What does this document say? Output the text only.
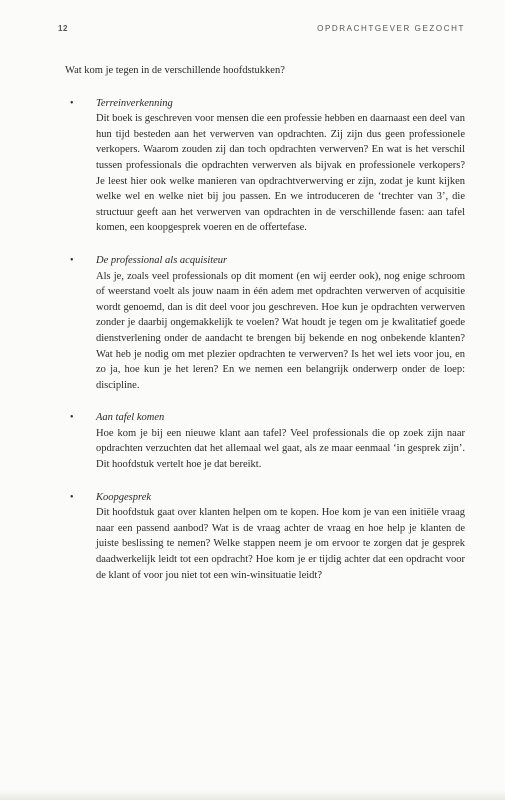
12	OPDRACHTGEVER GEZOCHT

Wat kom je tegen in de verschillende hoofdstukken?

• Terreinverkenning

Dit boek is geschreven voor mensen die een professie hebben en daarnaast een deel van hun tijd besteden aan het verwerven van opdrachten. Zij zijn dus geen professionele verkopers. Waarom zouden zij dan toch opdrachten verwerven? En wat is het verschil tussen professionals die opdrachten verwerven als bijvak en professionele verkopers? Je leest hier ook welke manieren van opdrachtverwerving er zijn, zodat je kunt kijken welke wel en welke niet bij jou passen. En we introduceren de ‘trechter van 3’, die structuur geeft aan het verwerven van opdrachten in de verschillende fasen: aan tafel komen, een koopgesprek voeren en de offertefase.

• De professional als acquisiteur

Als je, zoals veel professionals op dit moment (en wij eerder ook), nog enige schroom of weerstand voelt als jouw naam in één adem met opdrachten verwerven of acquisitie wordt genoemd, dan is dit deel voor jou geschreven. Hoe kun je opdrachten verwerven zonder je daarbij ongemakkelijk te voelen? Wat houdt je tegen om je kwalitatief goede dienstverlening onder de aandacht te brengen bij bekende en nog onbekende klanten? Wat heb je nodig om met plezier opdrachten te verwerven? Is het wel iets voor jou, en zo ja, hoe kun je het leren? En we nemen een belangrijk onderwerp onder de loep: discipline.

• Aan tafel komen

Hoe kom je bij een nieuwe klant aan tafel? Veel professionals die op zoek zijn naar opdrachten verzuchten dat het allemaal wel gaat, als ze maar eenmaal ‘in gesprek zijn’. Dit hoofdstuk vertelt hoe je dat bereikt.

• Koopgesprek

Dit hoofdstuk gaat over klanten helpen om te kopen. Hoe kom je van een initiële vraag naar een passend aanbod? Wat is de vraag achter de vraag en hoe help je klanten de juiste beslissing te nemen? Welke stappen neem je om ervoor te zorgen dat je gesprek daadwerkelijk leidt tot een opdracht? Hoe kom je er tijdig achter dat een opdracht voor de klant of voor jou niet tot een win-winsituatie leidt?
